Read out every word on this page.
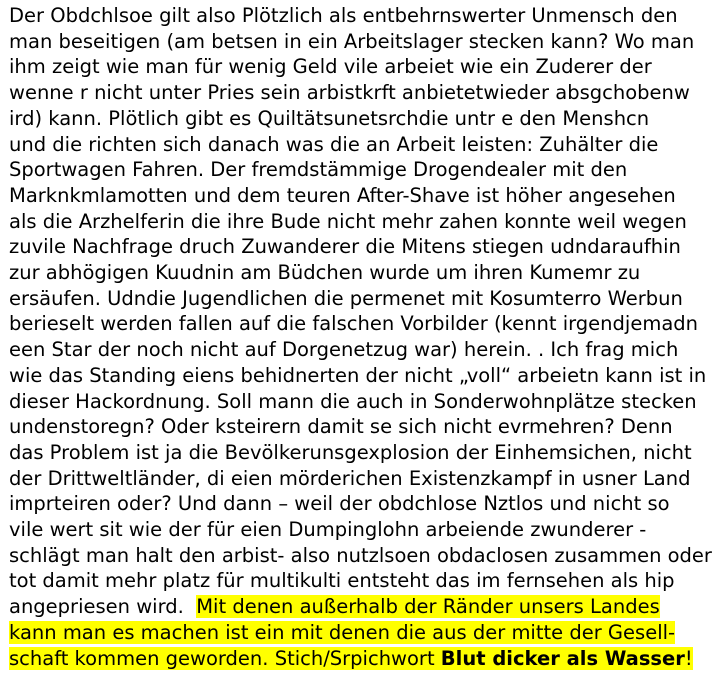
Der Obdchlsoe gilt also Plötzlich als entbehrnswerter Unmensch den
man beseitigen (am betsen in ein Arbeitslager stecken kann? Wo man
ihm zeigt wie man für wenig Geld vile arbeiet wie ein Zuderer der
wenne r nicht unter Pries sein arbistkrft anbietetwieder absgchobenw
ird) kann. Plötlich gibt es Quiltätsunetsrchdie untr e den Menshcn
und die richten sich danach was die an Arbeit leisten: Zuhälter die
Sportwagen Fahren. Der fremdstämmige Drogendealer mit den
Marknkmlamotten und dem teuren After-Shave ist höher angesehen
als die Arzhelferin die ihre Bude nicht mehr zahen konnte weil wegen
zuvile Nachfrage druch Zuwanderer die Mitens stiegen udndaraufhin
zur abhögigen Kuudnin am Büdchen wurde um ihren Kumemr zu
ersäufen. Udndie Jugendlichen die permenet mit Kosumterro Werbun
berieselt werden fallen auf die falschen Vorbilder (kennt irgendjemadn
een Star der noch nicht auf Dorgenetzug war) herein. . Ich frag mich
wie das Standing eiens behidnerten der nicht „voll“ arbeietn kann ist in
dieser Hackordnung. Soll mann die auch in Sonderwohnplätze stecken
undenstoregn? Oder ksteirern damit se sich nicht evrmehren? Denn
das Problem ist ja die Bevölkerunsgexplosion der Einhemsichen, nicht
der Drittweltländer, di eien mörderichen Existenzkampf in usner Land
imprteiren oder? Und dann – weil der obdchlose Nztlos und nicht so
vile wert sit wie der für eien Dumpinglohn arbeiende zwunderer -
schlägt man halt den arbist- also nutzlsoen obdaclosen zusammen oder
tot damit mehr platz für multikulti entsteht das im fernsehen als hip
angepriesen wird.  Mit denen außerhalb der Ränder unsers Landes
kann man es machen ist ein mit denen die aus der mitte der Gesell-
schaft kommen geworden. Stich/Srpichwort Blut dicker als Wasser!
